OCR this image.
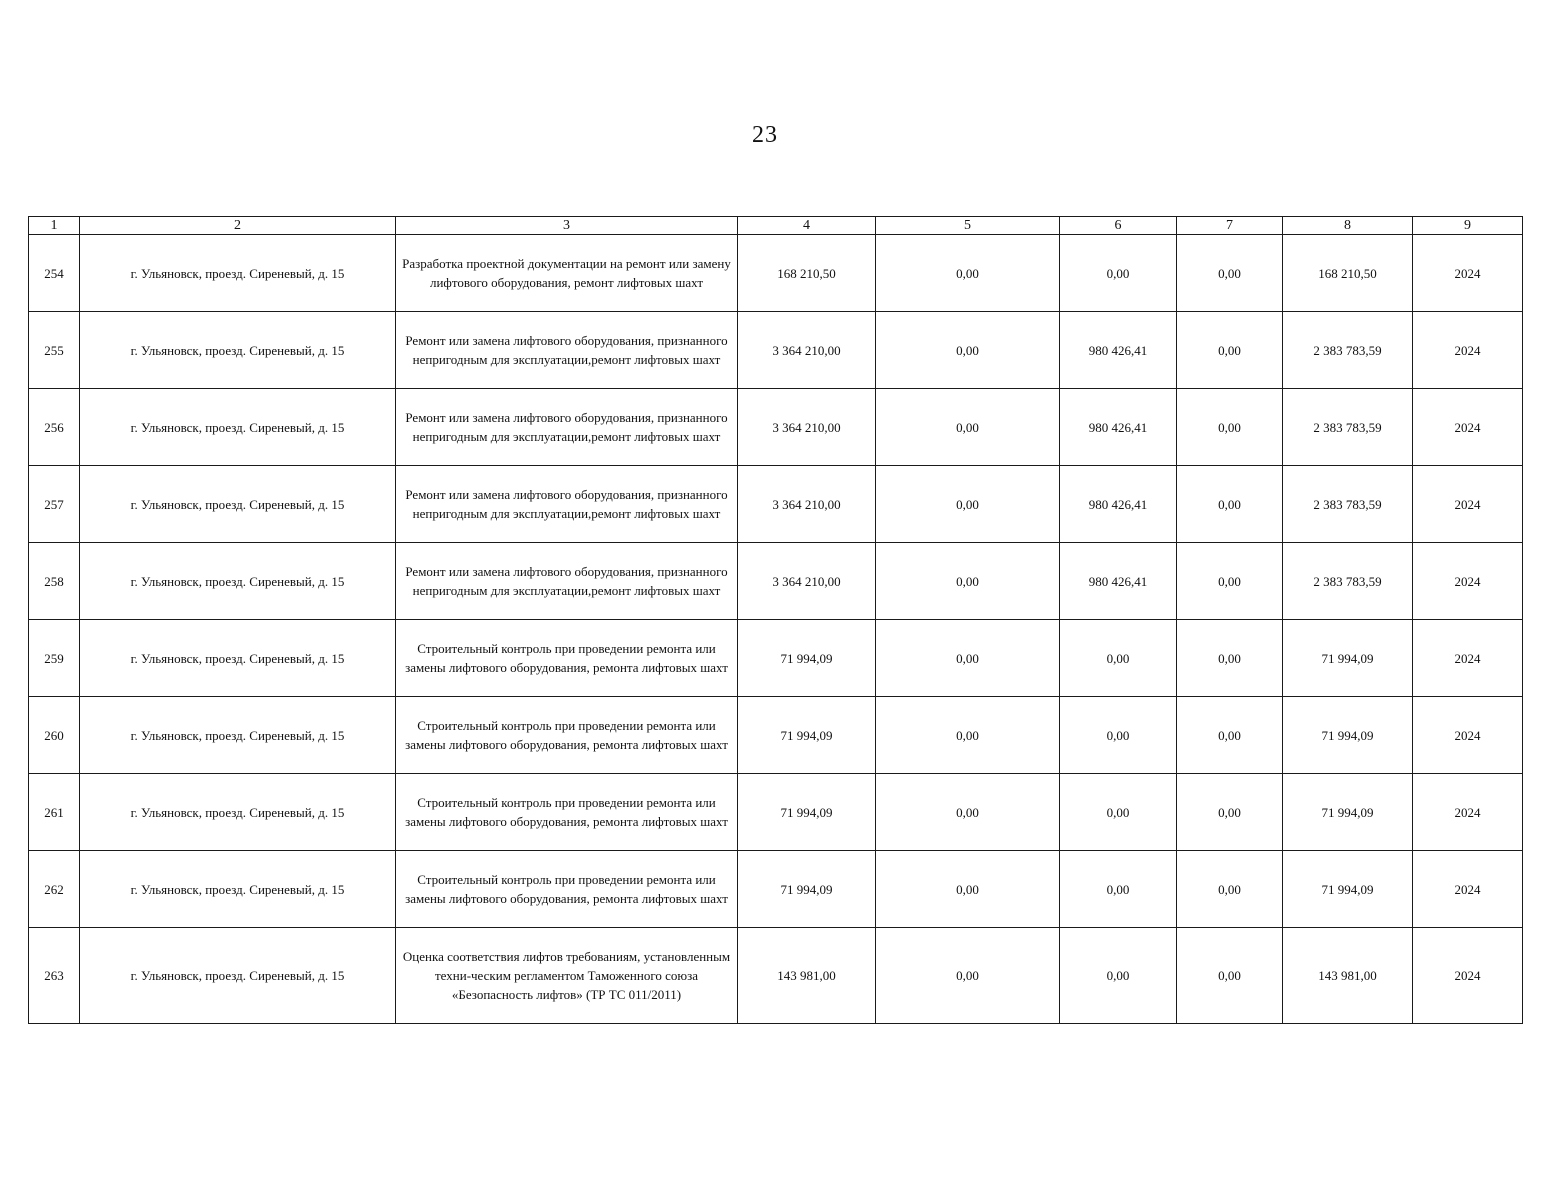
23
1	2	3	4	5	6	7	8	9
254	г. Ульяновск, проезд. Сиреневый, д. 15	Разработка проектной документации на ремонт или замену лифтового оборудования, ремонт лифтовых шахт	168 210,50	0,00	0,00	0,00	168 210,50	2024
255	г. Ульяновск, проезд. Сиреневый, д. 15	Ремонт или замена лифтового оборудования, признанного непригодным для эксплуатации,ремонт лифтовых шахт	3 364 210,00	0,00	980 426,41	0,00	2 383 783,59	2024
256	г. Ульяновск, проезд. Сиреневый, д. 15	Ремонт или замена лифтового оборудования, признанного непригодным для эксплуатации,ремонт лифтовых шахт	3 364 210,00	0,00	980 426,41	0,00	2 383 783,59	2024
257	г. Ульяновск, проезд. Сиреневый, д. 15	Ремонт или замена лифтового оборудования, признанного непригодным для эксплуатации,ремонт лифтовых шахт	3 364 210,00	0,00	980 426,41	0,00	2 383 783,59	2024
258	г. Ульяновск, проезд. Сиреневый, д. 15	Ремонт или замена лифтового оборудования, признанного непригодным для эксплуатации,ремонт лифтовых шахт	3 364 210,00	0,00	980 426,41	0,00	2 383 783,59	2024
259	г. Ульяновск, проезд. Сиреневый, д. 15	Строительный контроль при проведении ремонта или замены лифтового оборудования, ремонта лифтовых шахт	71 994,09	0,00	0,00	0,00	71 994,09	2024
260	г. Ульяновск, проезд. Сиреневый, д. 15	Строительный контроль при проведении ремонта или замены лифтового оборудования, ремонта лифтовых шахт	71 994,09	0,00	0,00	0,00	71 994,09	2024
261	г. Ульяновск, проезд. Сиреневый, д. 15	Строительный контроль при проведении ремонта или замены лифтового оборудования, ремонта лифтовых шахт	71 994,09	0,00	0,00	0,00	71 994,09	2024
262	г. Ульяновск, проезд. Сиреневый, д. 15	Строительный контроль при проведении ремонта или замены лифтового оборудования, ремонта лифтовых шахт	71 994,09	0,00	0,00	0,00	71 994,09	2024
263	г. Ульяновск, проезд. Сиреневый, д. 15	Оценка соответствия лифтов требованиям, установленным техни-ческим регламентом Таможенного союза «Безопасность лифтов» (ТР ТС 011/2011)	143 981,00	0,00	0,00	0,00	143 981,00	2024
